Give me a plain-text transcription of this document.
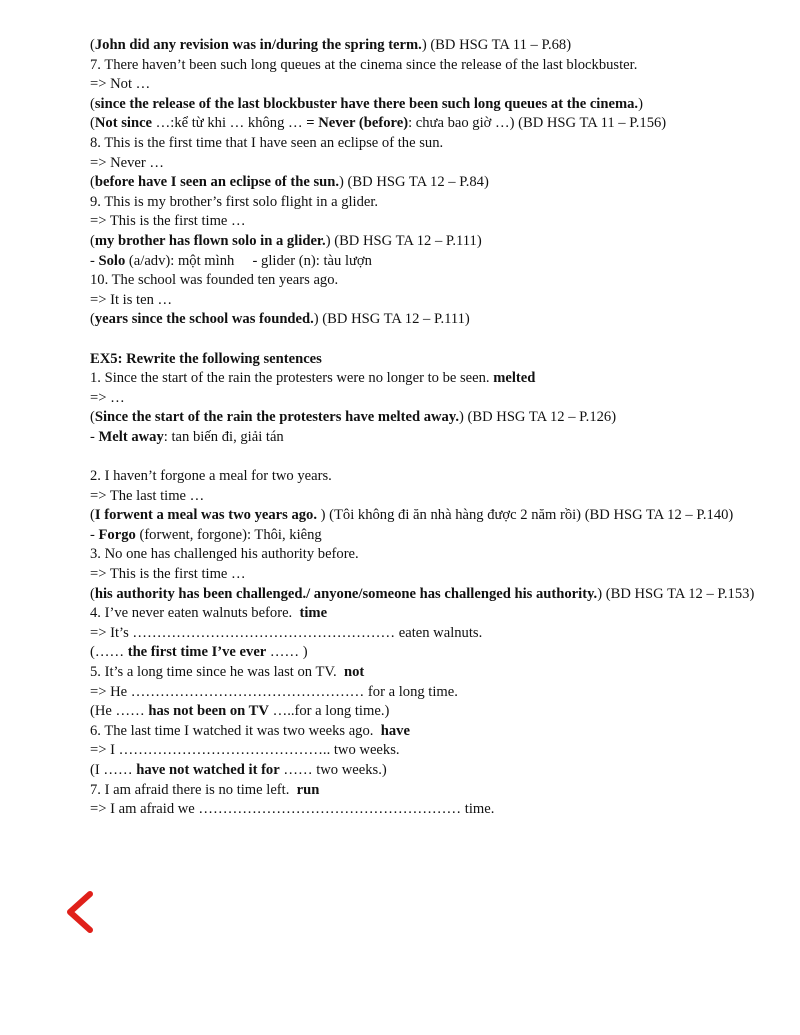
(John did any revision was in/during the spring term.) (BD HSG TA 11 – P.68)
7. There haven’t been such long queues at the cinema since the release of the last blockbuster.
=> Not …
(since the release of the last blockbuster have there been such long queues at the cinema.)
(Not since …:kể từ khi … không … = Never (before): chưa bao giờ …) (BD HSG TA 11 – P.156)
8. This is the first time that I have seen an eclipse of the sun.
=> Never …
(before have I seen an eclipse of the sun.) (BD HSG TA 12 – P.84)
9. This is my brother’s first solo flight in a glider.
=> This is the first time …
(my brother has flown solo in a glider.) (BD HSG TA 12 – P.111)
- Solo (a/adv): một mình     - glider (n): tàu lượn
10. The school was founded ten years ago.
=> It is ten …
(years since the school was founded.) (BD HSG TA 12 – P.111)
EX5: Rewrite the following sentences
1. Since the start of the rain the protesters were no longer to be seen. melted
=> …
(Since the start of the rain the protesters have melted away.) (BD HSG TA 12 – P.126)
- Melt away: tan biến đi, giải tán
2. I haven’t forgone a meal for two years.
=> The last time …
(I forwent a meal was two years ago. ) (Tôi không đi ăn nhà hàng được 2 năm rồi) (BD HSG TA 12 – P.140)
- Forgo (forwent, forgone): Thôi, kiêng
3. No one has challenged his authority before.
=> This is the first time …
(his authority has been challenged./ anyone/someone has challenged his authority.) (BD HSG TA 12 – P.153)
4. I’ve never eaten walnuts before.  time
=> It’s ……………………………………………… eaten walnuts.
(…… the first time I’ve ever …… )
5. It’s a long time since he was last on TV.  not
=> He ………………………………………… for a long time.
(He …… has not been on TV …..for a long time.)
6. The last time I watched it was two weeks ago.  have
=> I …………………………………….. two weeks.
(I …… have not watched it for …… two weeks.)
7. I am afraid there is no time left.  run
=> I am afraid we ……………………………………………… time.
